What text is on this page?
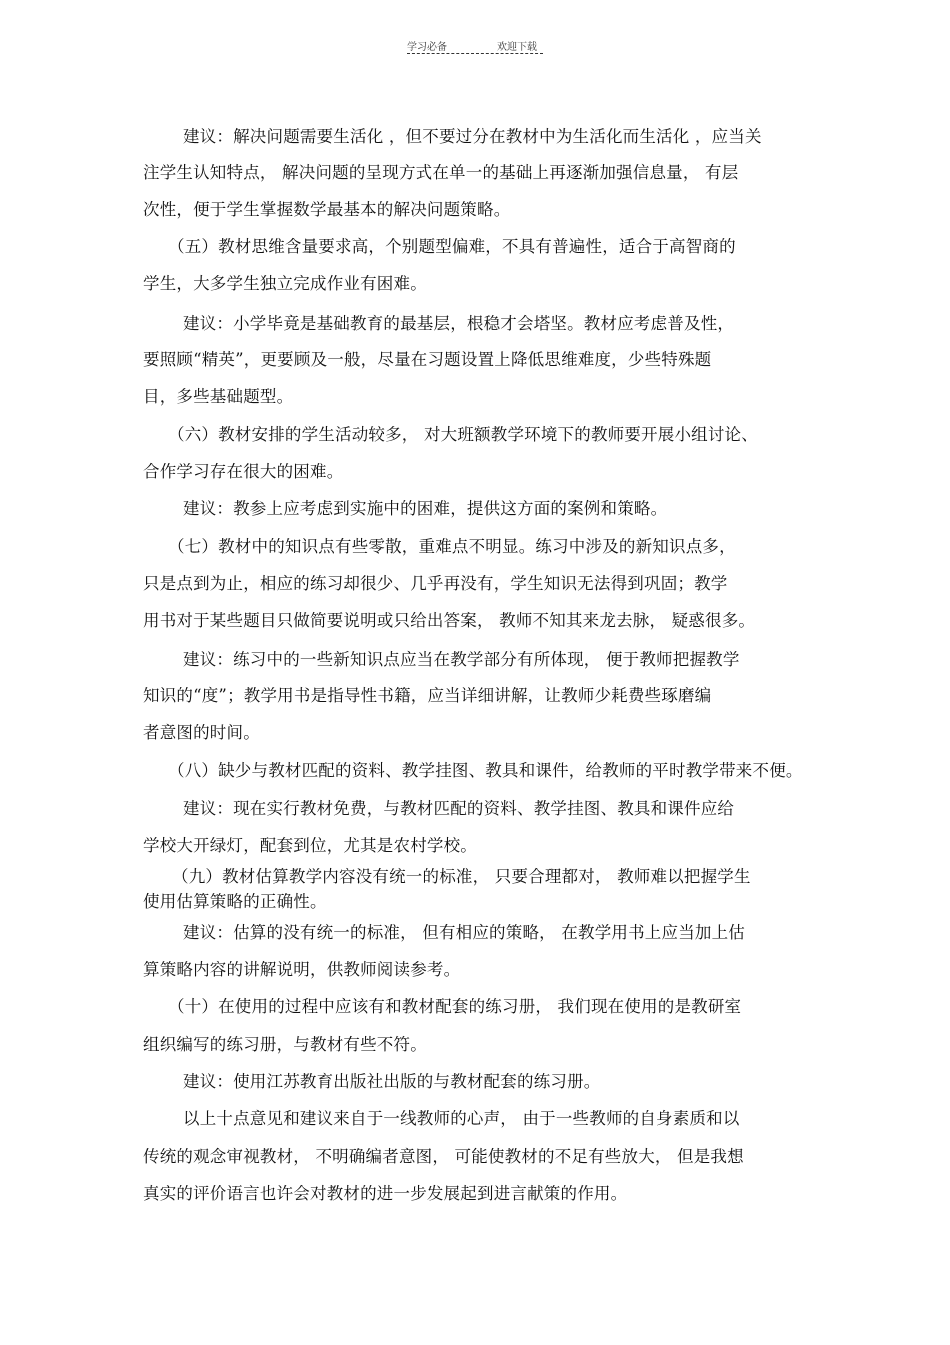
学习必备	欢迎下载
建议：解决问题需要生活化 ，但不要过分在教材中为生活化而生活化 ，应当关
注学生认知特点， 解决问题的呈现方式在单一的基础上再逐渐加强信息量， 有层
次性，便于学生掌握数学最基本的解决问题策略。
（五）教材思维含量要求高，个别题型偏难，不具有普遍性，适合于高智商的
学生，大多学生独立完成作业有困难。
建议：小学毕竟是基础教育的最基层，根稳才会塔坚。教材应考虑普及性，
要照顾“精英”，更要顾及一般，尽量在习题设置上降低思维难度，少些特殊题
目，多些基础题型。
（六）教材安排的学生活动较多， 对大班额教学环境下的教师要开展小组讨论、
合作学习存在很大的困难。
建议：教参上应考虑到实施中的困难，提供这方面的案例和策略。
（七）教材中的知识点有些零散，重难点不明显。练习中涉及的新知识点多，
只是点到为止，相应的练习却很少、几乎再没有，学生知识无法得到巩固；教学
用书对于某些题目只做简要说明或只给出答案， 教师不知其来龙去脉， 疑惑很多。
建议：练习中的一些新知识点应当在教学部分有所体现， 便于教师把握教学
知识的“度”；教学用书是指导性书籍，应当详细讲解，让教师少耗费些琢磨编
者意图的时间。
（八）缺少与教材匹配的资料、教学挂图、教具和课件，给教师的平时教学带来不便。
建议：现在实行教材免费，与教材匹配的资料、教学挂图、教具和课件应给
学校大开绿灯，配套到位，尤其是农村学校。
（九）教材估算教学内容没有统一的标准， 只要合理都对， 教师难以把握学生
使用估算策略的正确性。
建议：估算的没有统一的标准， 但有相应的策略， 在教学用书上应当加上估
算策略内容的讲解说明，供教师阅读参考。
（十）在使用的过程中应该有和教材配套的练习册， 我们现在使用的是教研室
组织编写的练习册，与教材有些不符。
建议：使用江苏教育出版社出版的与教材配套的练习册。
以上十点意见和建议来自于一线教师的心声， 由于一些教师的自身素质和以
传统的观念审视教材， 不明确编者意图， 可能使教材的不足有些放大， 但是我想
真实的评价语言也许会对教材的进一步发展起到进言献策的作用。
